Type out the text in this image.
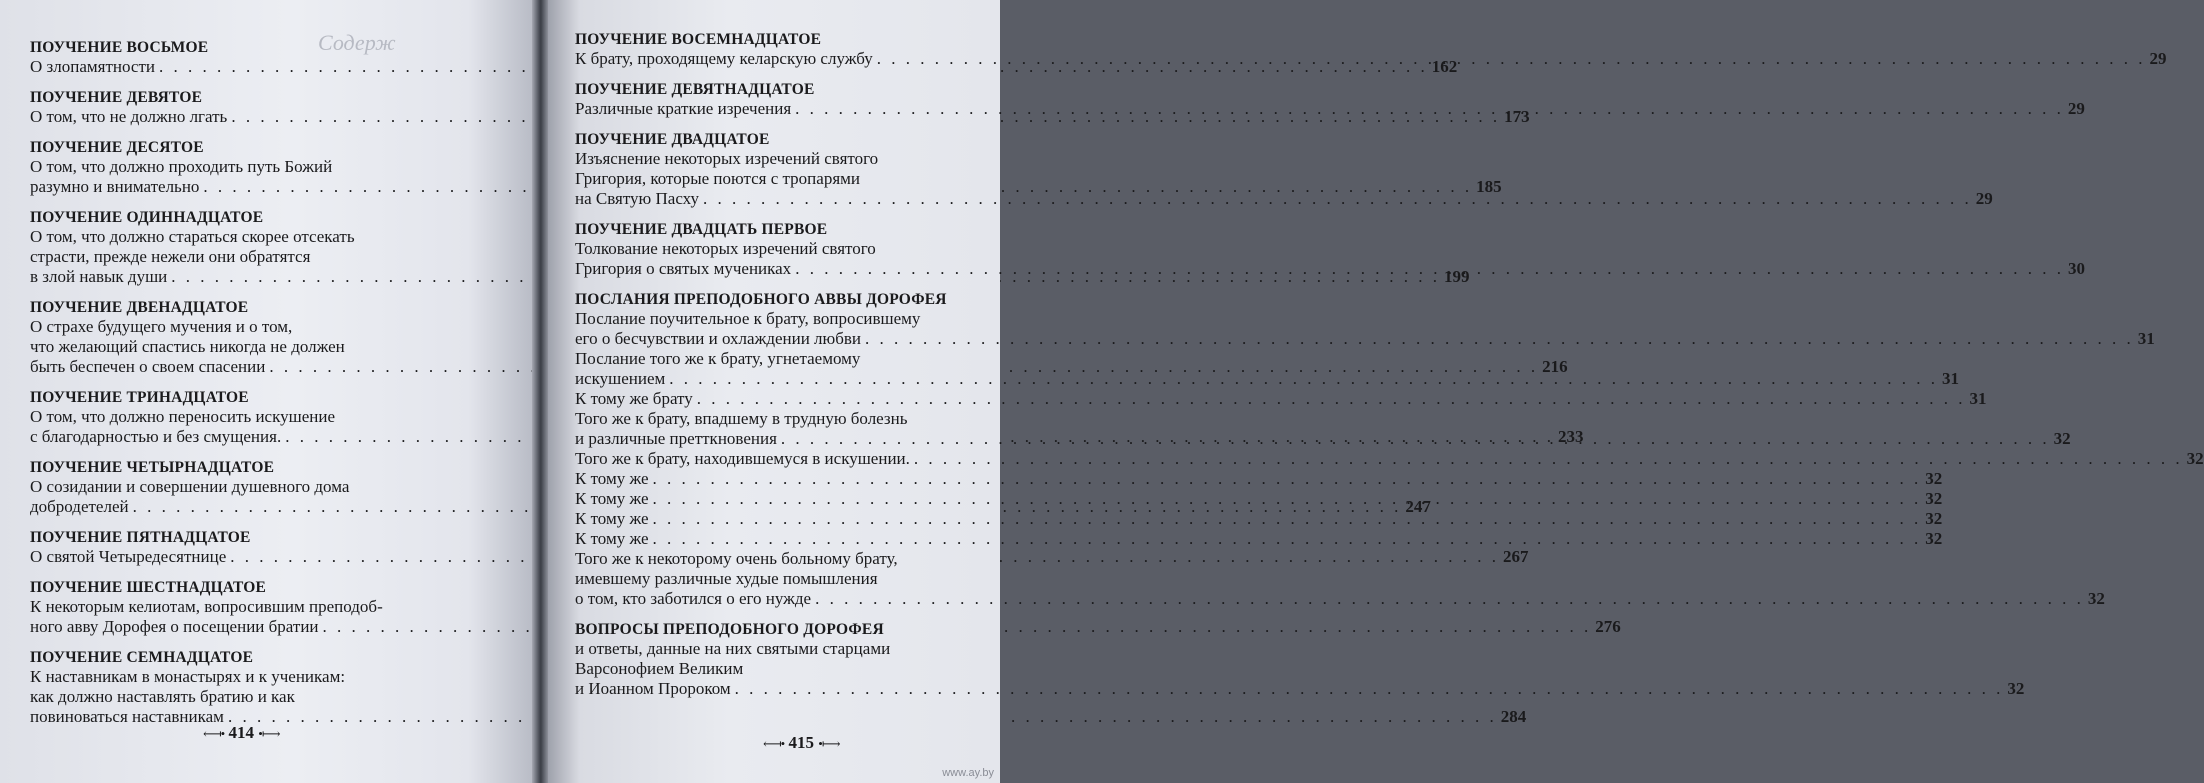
Содерж
ПОУЧЕНИЕ ВОСЬМОЕ
О злопамятности . . .	162
ПОУЧЕНИЕ ДЕВЯТОЕ
О том, что не должно лгать . . .	173
ПОУЧЕНИЕ ДЕСЯТОЕ
О том, что должно проходить путь Божий
разумно и внимательно . . .	185
ПОУЧЕНИЕ ОДИННАДЦАТОЕ
О том, что должно стараться скорее отсекать
страсти, прежде нежели они обратятся
в злой навык души . . .	199
ПОУЧЕНИЕ ДВЕНАДЦАТОЕ
О страхе будущего мучения и о том,
что желающий спастись никогда не должен
быть беспечен о своем спасении . . .	216
ПОУЧЕНИЕ ТРИНАДЦАТОЕ
О том, что должно переносить искушение
с благодарностью и без смущения. . . .	233
ПОУЧЕНИЕ ЧЕТЫРНАДЦАТОЕ
О созидании и совершении душевного дома
добродетелей . . .	247
ПОУЧЕНИЕ ПЯТНАДЦАТОЕ
О святой Четыредесятнице . . .	267
ПОУЧЕНИЕ ШЕСТНАДЦАТОЕ
К некоторым келиотам, вопросившим преподоб-
ного авву Дорофея о посещении братии . . .	276
ПОУЧЕНИЕ СЕМНАДЦАТОЕ
К наставникам в монастырях и к ученикам:
как должно наставлять братию и как
повиноваться наставникам . . .	284
⟻• 414 •⟼
ПОУЧЕНИЕ ВОСЕМНАДЦАТОЕ
К брату, проходящему келарскую службу . . .	29
ПОУЧЕНИЕ ДЕВЯТНАДЦАТОЕ
Различные краткие изречения . . .	29
ПОУЧЕНИЕ ДВАДЦАТОЕ
Изъяснение некоторых изречений святого
Григория, которые поются с тропарями
на Святую Пасху . . .	29
ПОУЧЕНИЕ ДВАДЦАТЬ ПЕРВОЕ
Толкование некоторых изречений святого
Григория о святых мучениках . . .	30
ПОСЛАНИЯ ПРЕПОДОБНОГО АВВЫ ДОРОФЕЯ
Послание поучительное к брату, вопросившему
его о бесчувствии и охлаждении любви . . .	31
Послание того же к брату, угнетаемому
искушением . . .	31
К тому же брату . . .	31
Того же к брату, впадшему в трудную болезнь
и различные претткновения . . .	32
Того же к брату, находившемуся в искушении. . . .	32
К тому же . . .	32
К тому же . . .	32
К тому же . . .	32
К тому же . . .	32
Того же к некоторому очень больному брату,
имевшему различные худые помышления
о том, кто заботился о его нужде . . .	32
ВОПРОСЫ ПРЕПОДОБНОГО ДОРОФЕЯ
и ответы, данные на них святыми старцами
Варсонофием Великим
и Иоанном Пророком . . .	32
⟻• 415 •⟼
www.ay.by
